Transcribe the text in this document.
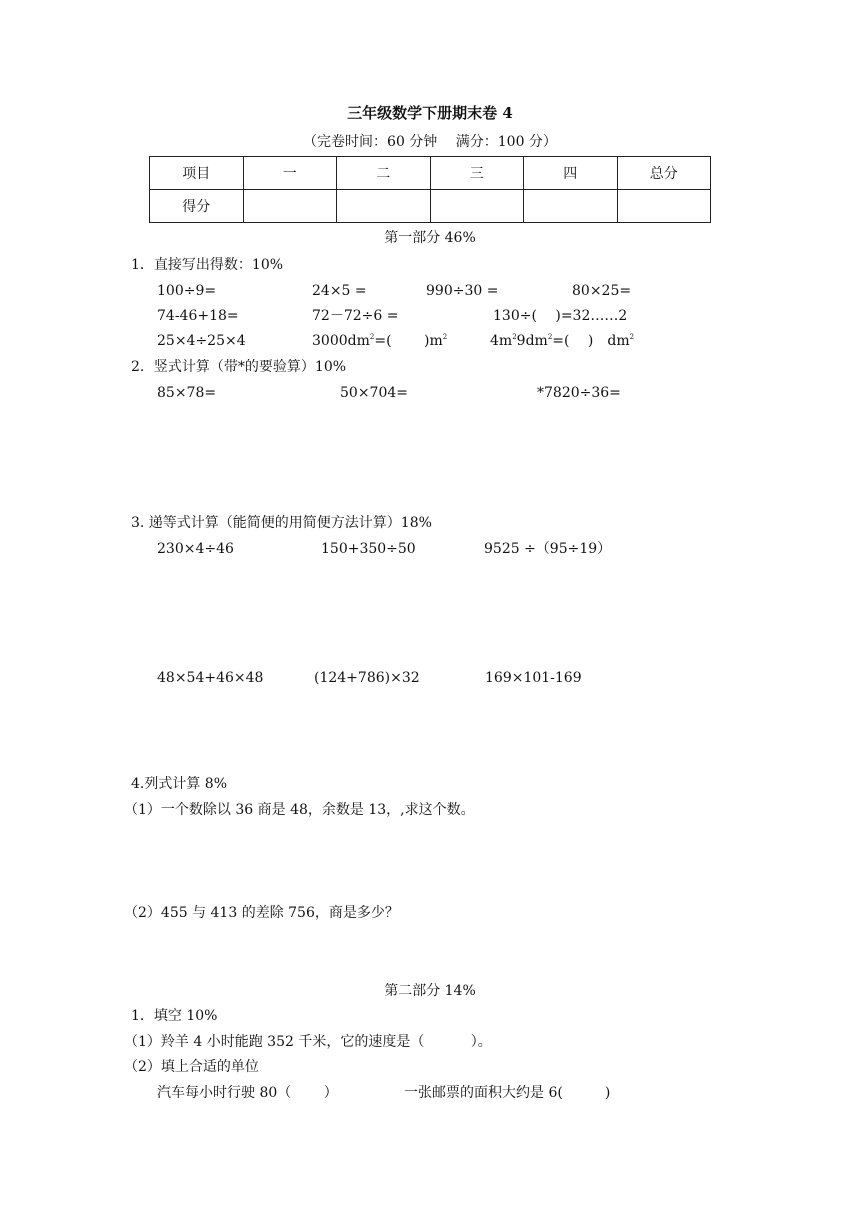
三年级数学下册期末卷 4
（完卷时间：60 分钟　 满分：100 分）
项目	一	二	三	四	总分
得分					
第一部分 46%
1．直接写出得数：10%
100÷9=	24×5 =	990÷30 =	80×25=
74-46+18=	72－72÷6 =	130÷(　 )=32……2
25×4÷25×4	$3000dm^2=$(　　 )$m^2$	$4m^29dm^2=$(　 )　$dm^2$
2．竖式计算（带*的要验算）10%
85×78=	50×704=	*7820÷36=
3. 递等式计算（能简便的用简便方法计算）18%
230×4÷46	150+350÷50	9525 ÷（95÷19）
48×54+46×48	(124+786)×32	169×101-169
4.列式计算 8%
（1）一个数除以 36 商是 48，余数是 13，,求这个数。
（2）455 与 413 的差除 756，商是多少？
第二部分 14%
1．填空 10%
（1）羚羊 4 小时能跑 352 千米，它的速度是（　　　 ）。
（2）填上合适的单位
汽车每小时行驶 80（　　 ）	一张邮票的面积大约是 6(　　　)
